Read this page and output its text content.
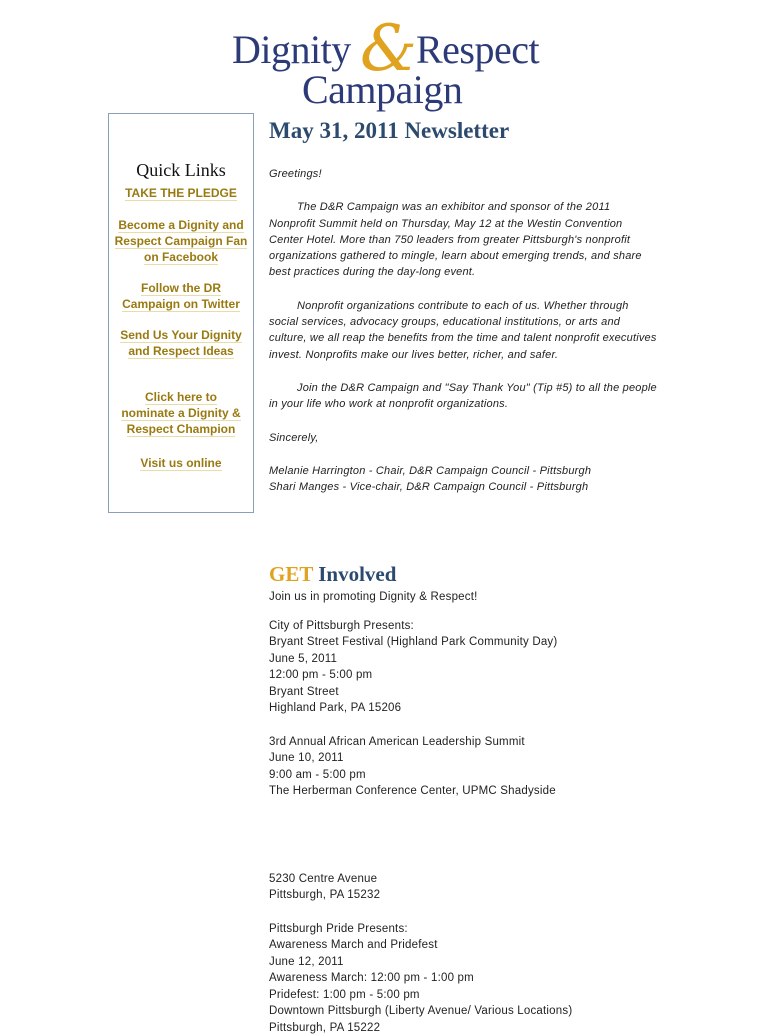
Dignity & Respect
Campaign
Quick Links
TAKE THE PLEDGE
Become a Dignity and Respect Campaign Fan on Facebook
Follow the DR Campaign on Twitter
Send Us Your Dignity and Respect Ideas
Click here to nominate a Dignity & Respect Champion
Visit us online
May 31, 2011 Newsletter

Greetings!

The D&R Campaign was an exhibitor and sponsor of the 2011 Nonprofit Summit held on Thursday, May 12 at the Westin Convention Center Hotel. More than 750 leaders from greater Pittsburgh's nonprofit organizations gathered to mingle, learn about emerging trends, and share best practices during the day-long event.

Nonprofit organizations contribute to each of us. Whether through social services, advocacy groups, educational institutions, or arts and culture, we all reap the benefits from the time and talent nonprofit executives invest. Nonprofits make our lives better, richer, and safer.

Join the D&R Campaign and "Say Thank You" (Tip #5) to all the people in your life who work at nonprofit organizations.

Sincerely,

Melanie Harrington - Chair, D&R Campaign Council - Pittsburgh

Shari Manges - Vice-chair, D&R Campaign Council - Pittsburgh

GET Involved
Join us in promoting Dignity & Respect!
City of Pittsburgh Presents:
Bryant Street Festival (Highland Park Community Day)
June 5, 2011
12:00 pm - 5:00 pm
Bryant Street
Highland Park, PA 15206
3rd Annual African American Leadership Summit
June 10, 2011
9:00 am - 5:00 pm
The Herberman Conference Center, UPMC Shadyside
5230 Centre Avenue
Pittsburgh, PA 15232
Pittsburgh Pride Presents:
Awareness March and Pridefest
June 12, 2011
Awareness March: 12:00 pm - 1:00 pm
Pridefest: 1:00 pm - 5:00 pm
Downtown Pittsburgh (Liberty Avenue/ Various Locations)
Pittsburgh, PA 15222
